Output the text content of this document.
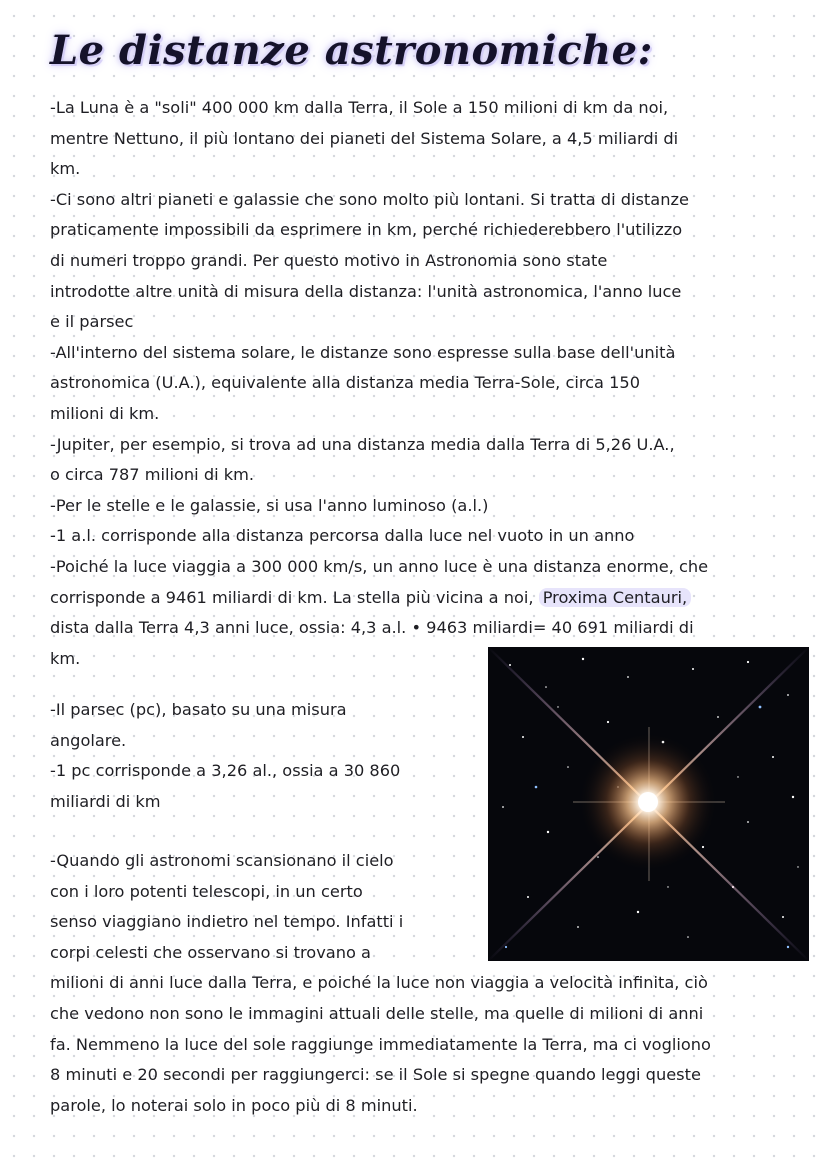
Le distanze astronomiche:
-La Luna è a "soli" 400 000 km dalla Terra, il Sole a 150 milioni di km da noi,
mentre Nettuno, il più lontano dei pianeti del Sistema Solare, a 4,5 miliardi di
km.
-Ci sono altri pianeti e galassie che sono molto più lontani. Si tratta di distanze
praticamente impossibili da esprimere in km, perché richiederebbero l'utilizzo
di numeri troppo grandi. Per questo motivo in Astronomia sono state
introdotte altre unità di misura della distanza: l'unità astronomica, l'anno luce
e il parsec
-All'interno del sistema solare, le distanze sono espresse sulla base dell'unità
astronomica (U.A.), equivalente alla distanza media Terra-Sole, circa 150
milioni di km.
-Jupiter, per esempio, si trova ad una distanza media dalla Terra di 5,26 U.A.,
o circa 787 milioni di km.
-Per le stelle e le galassie, si usa l'anno luminoso (a.l.)
-1 a.l. corrisponde alla distanza percorsa dalla luce nel vuoto in un anno
-Poiché la luce viaggia a 300 000 km/s, un anno luce è una distanza enorme, che
corrisponde a 9461 miliardi di km. La stella più vicina a noi, Proxima Centauri,
dista dalla Terra 4,3 anni luce, ossia: 4,3 a.l. • 9463 miliardi= 40 691 miliardi di
km.
-Il parsec (pc), basato su una misura
angolare.
-1 pc corrisponde a 3,26 al., ossia a 30 860
miliardi di km
-Quando gli astronomi scansionano il cielo
con i loro potenti telescopi, in un certo
senso viaggiano indietro nel tempo. Infatti i
corpi celesti che osservano si trovano a
milioni di anni luce dalla Terra, e poiché la luce non viaggia a velocità infinita, ciò
che vedono non sono le immagini attuali delle stelle, ma quelle di milioni di anni
fa. Nemmeno la luce del sole raggiunge immediatamente la Terra, ma ci vogliono
8 minuti e 20 secondi per raggiungerci: se il Sole si spegne quando leggi queste
parole, lo noterai solo in poco più di 8 minuti.
